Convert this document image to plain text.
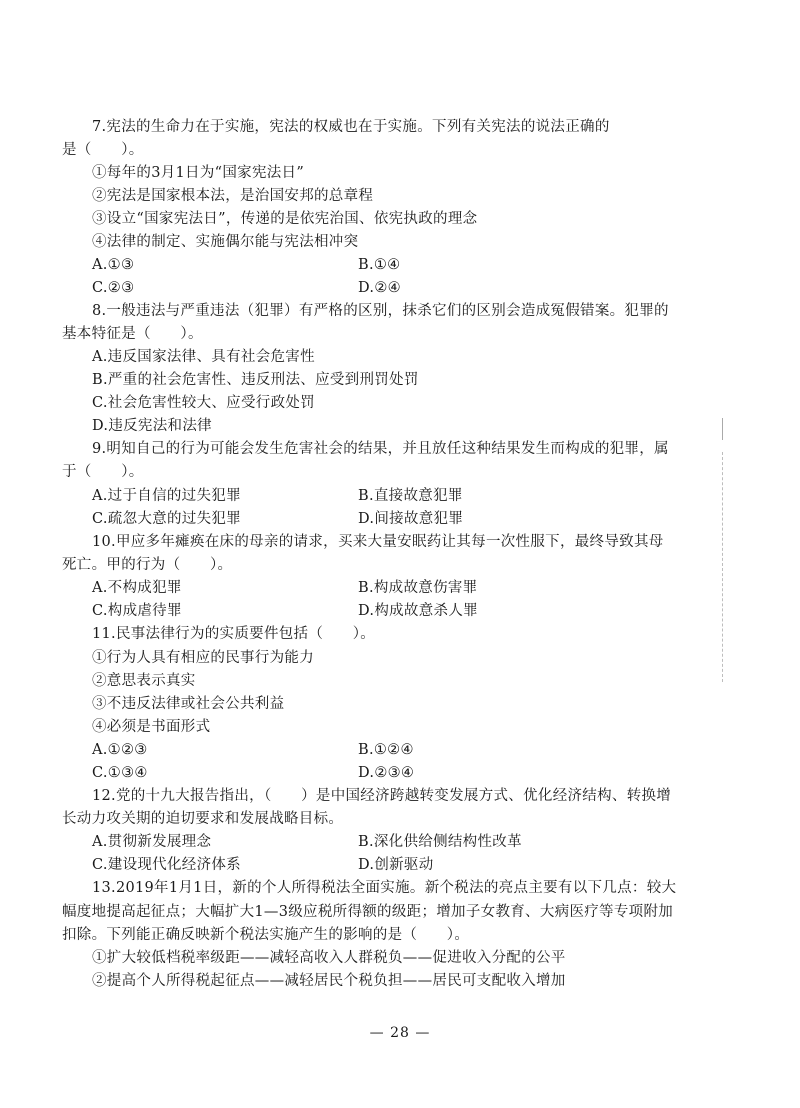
7.宪法的生命力在于实施，宪法的权威也在于实施。下列有关宪法的说法正确的
是（　　）。
①每年的3月1日为“国家宪法日”
②宪法是国家根本法，是治国安邦的总章程
③设立“国家宪法日”，传递的是依宪治国、依宪执政的理念
④法律的制定、实施偶尔能与宪法相冲突
A.①③	B.①④
C.②③	D.②④
8.一般违法与严重违法（犯罪）有严格的区别，抹杀它们的区别会造成冤假错案。犯罪的
基本特征是（　　）。
A.违反国家法律、具有社会危害性
B.严重的社会危害性、违反刑法、应受到刑罚处罚
C.社会危害性较大、应受行政处罚
D.违反宪法和法律
9.明知自己的行为可能会发生危害社会的结果，并且放任这种结果发生而构成的犯罪，属
于（　　）。
A.过于自信的过失犯罪	B.直接故意犯罪
C.疏忽大意的过失犯罪	D.间接故意犯罪
10.甲应多年瘫痪在床的母亲的请求，买来大量安眠药让其每一次性服下，最终导致其母
死亡。甲的行为（　　）。
A.不构成犯罪	B.构成故意伤害罪
C.构成虐待罪	D.构成故意杀人罪
11.民事法律行为的实质要件包括（　　）。
①行为人具有相应的民事行为能力
②意思表示真实
③不违反法律或社会公共利益
④必须是书面形式
A.①②③	B.①②④
C.①③④	D.②③④
12.党的十九大报告指出，（　　）是中国经济跨越转变发展方式、优化经济结构、转换增
长动力攻关期的迫切要求和发展战略目标。
A.贯彻新发展理念	B.深化供给侧结构性改革
C.建设现代化经济体系	D.创新驱动
13.2019年1月1日，新的个人所得税法全面实施。新个税法的亮点主要有以下几点：较大
幅度地提高起征点；大幅扩大1—3级应税所得额的级距；增加子女教育、大病医疗等专项附加
扣除。下列能正确反映新个税法实施产生的影响的是（　　）。
①扩大较低档税率级距——减轻高收入人群税负——促进收入分配的公平
②提高个人所得税起征点——减轻居民个税负担——居民可支配收入增加
— 28 —
